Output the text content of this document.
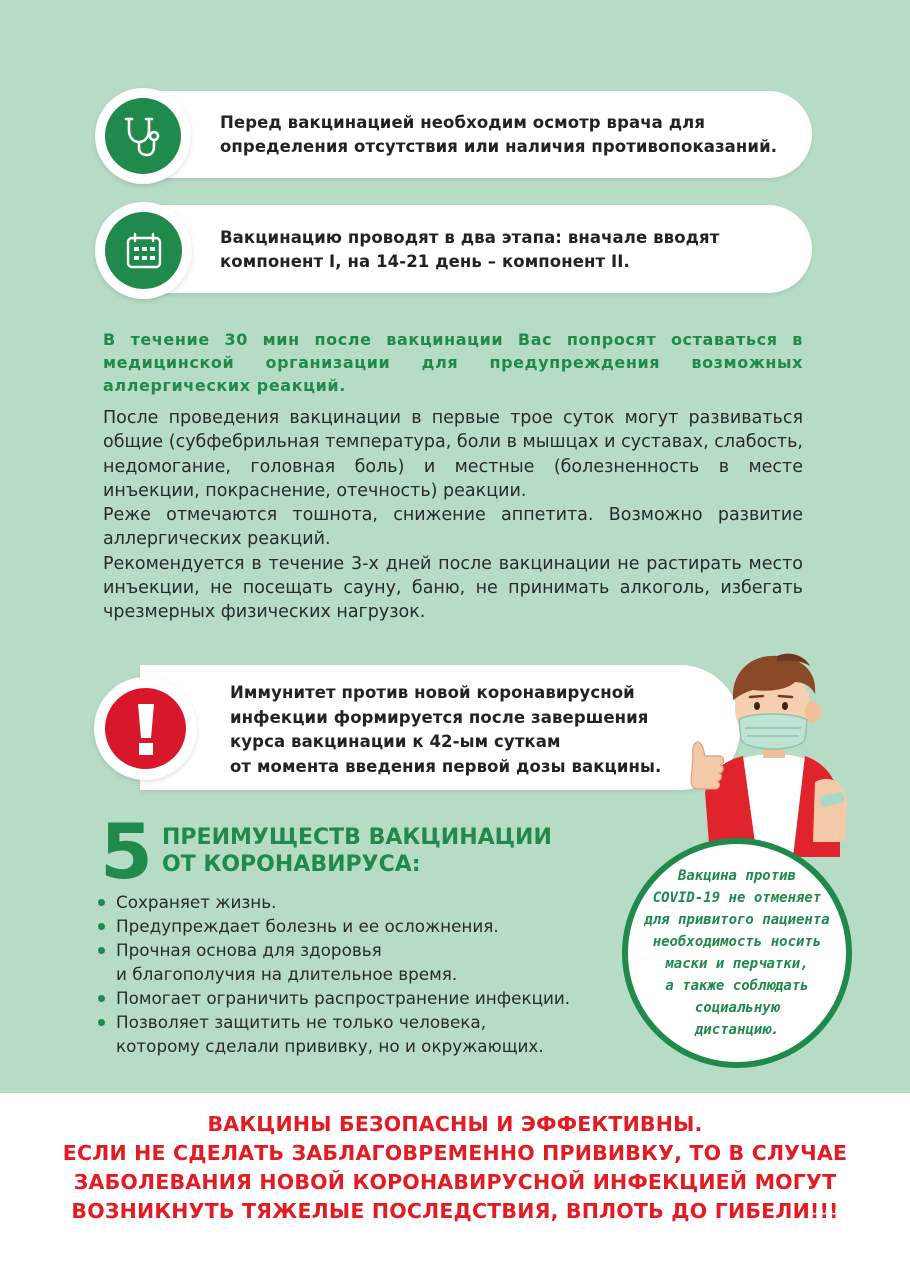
Перед вакцинацией необходим осмотр врача для
определения отсутствия или наличия противопоказаний.
Вакцинацию проводят в два этапа: вначале вводят
компонент I, на 14-21 день – компонент II.

В течение 30 мин после вакцинации Вас попросят оставаться в медицинской организации для предупреждения возможных аллергических реакций.

После проведения вакцинации в первые трое суток могут развиваться общие (субфебрильная температура, боли в мышцах и суставах, слабость, недомогание, головная боль) и местные (болезненность в месте инъекции, покраснение, отечность) реакции.

Реже отмечаются тошнота, снижение аппетита. Возможно развитие аллергических реакций.

Рекомендуется в течение 3-х дней после вакцинации не растирать место инъекции, не посещать сауну, баню, не принимать алкоголь, избегать чрезмерных физических нагрузок.

Иммунитет против новой коронавирусной
инфекции формируется после завершения
курса вакцинации к 42-ым суткам
от момента введения первой дозы вакцины.
5 ПРЕИМУЩЕСТВ ВАКЦИНАЦИИ
ОТ КОРОНАВИРУСА:
Сохраняет жизнь.
Предупреждает болезнь и ее осложнения.
Прочная основа для здоровья
и благополучия на длительное время.
Помогает ограничить распространение инфекции.
Позволяет защитить не только человека,
которому сделали прививку, но и окружающих.
Вакцина против
COVID-19 не отменяет
для привитого пациента
необходимость носить
маски и перчатки,
а также соблюдать
социальную
дистанцию.
ВАКЦИНЫ БЕЗОПАСНЫ И ЭФФЕКТИВНЫ.
ЕСЛИ НЕ СДЕЛАТЬ ЗАБЛАГОВРЕМЕННО ПРИВИВКУ, ТО В СЛУЧАЕ
ЗАБОЛЕВАНИЯ НОВОЙ КОРОНАВИРУСНОЙ ИНФЕКЦИЕЙ МОГУТ
ВОЗНИКНУТЬ ТЯЖЕЛЫЕ ПОСЛЕДСТВИЯ, ВПЛОТЬ ДО ГИБЕЛИ!!!
